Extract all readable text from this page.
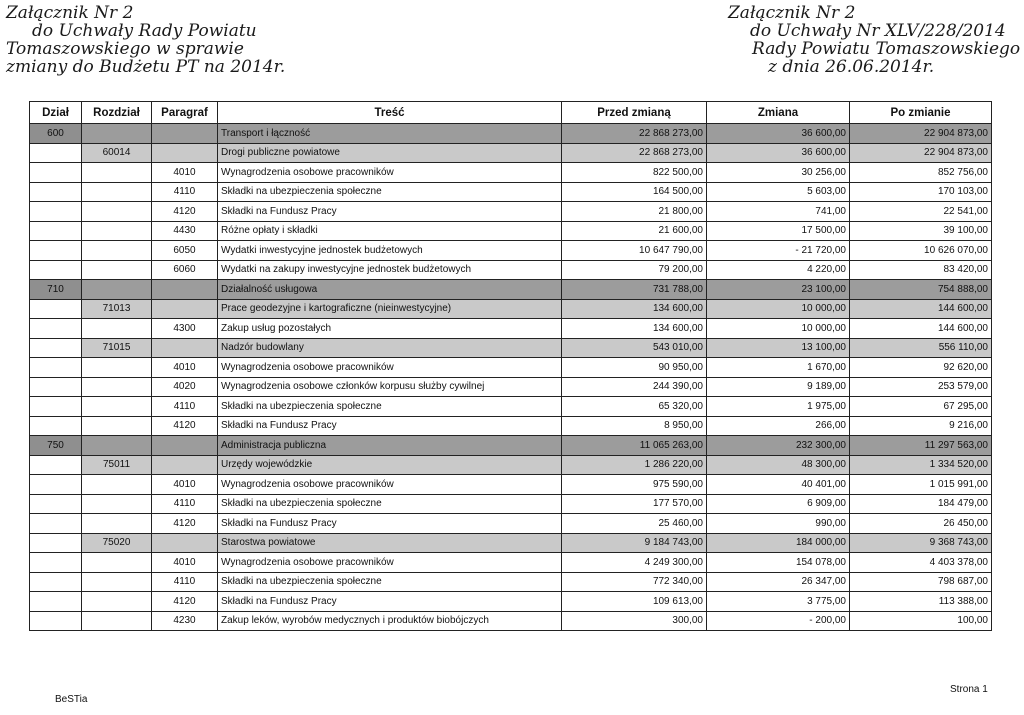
Załącznik Nr 2
do Uchwały Rady Powiatu
Tomaszowskiego w sprawie
zmiany do Budżetu PT na 2014r.
Załącznik Nr 2
do Uchwały Nr XLV/228/2014
Rady Powiatu Tomaszowskiego
z dnia 26.06.2014r.
Dział	Rozdział	Paragraf	Treść	Przed zmianą	Zmiana	Po zmianie
600			Transport i łączność	22 868 273,00	36 600,00	22 904 873,00
	60014		Drogi publiczne powiatowe	22 868 273,00	36 600,00	22 904 873,00
		4010	Wynagrodzenia osobowe pracowników	822 500,00	30 256,00	852 756,00
		4110	Składki na ubezpieczenia społeczne	164 500,00	5 603,00	170 103,00
		4120	Składki na Fundusz Pracy	21 800,00	741,00	22 541,00
		4430	Różne opłaty i składki	21 600,00	17 500,00	39 100,00
		6050	Wydatki inwestycyjne jednostek budżetowych	10 647 790,00	- 21 720,00	10 626 070,00
		6060	Wydatki na zakupy inwestycyjne jednostek budżetowych	79 200,00	4 220,00	83 420,00
710			Działalność usługowa	731 788,00	23 100,00	754 888,00
	71013		Prace geodezyjne i kartograficzne (nieinwestycyjne)	134 600,00	10 000,00	144 600,00
		4300	Zakup usług pozostałych	134 600,00	10 000,00	144 600,00
	71015		Nadzór budowlany	543 010,00	13 100,00	556 110,00
		4010	Wynagrodzenia osobowe pracowników	90 950,00	1 670,00	92 620,00
		4020	Wynagrodzenia osobowe członków korpusu służby cywilnej	244 390,00	9 189,00	253 579,00
		4110	Składki na ubezpieczenia społeczne	65 320,00	1 975,00	67 295,00
		4120	Składki na Fundusz Pracy	8 950,00	266,00	9 216,00
750			Administracja publiczna	11 065 263,00	232 300,00	11 297 563,00
	75011		Urzędy wojewódzkie	1 286 220,00	48 300,00	1 334 520,00
		4010	Wynagrodzenia osobowe pracowników	975 590,00	40 401,00	1 015 991,00
		4110	Składki na ubezpieczenia społeczne	177 570,00	6 909,00	184 479,00
		4120	Składki na Fundusz Pracy	25 460,00	990,00	26 450,00
	75020		Starostwa powiatowe	9 184 743,00	184 000,00	9 368 743,00
		4010	Wynagrodzenia osobowe pracowników	4 249 300,00	154 078,00	4 403 378,00
		4110	Składki na ubezpieczenia społeczne	772 340,00	26 347,00	798 687,00
		4120	Składki na Fundusz Pracy	109 613,00	3 775,00	113 388,00
		4230	Zakup leków, wyrobów medycznych i produktów biobójczych	300,00	- 200,00	100,00
BeSTia
Strona 1
